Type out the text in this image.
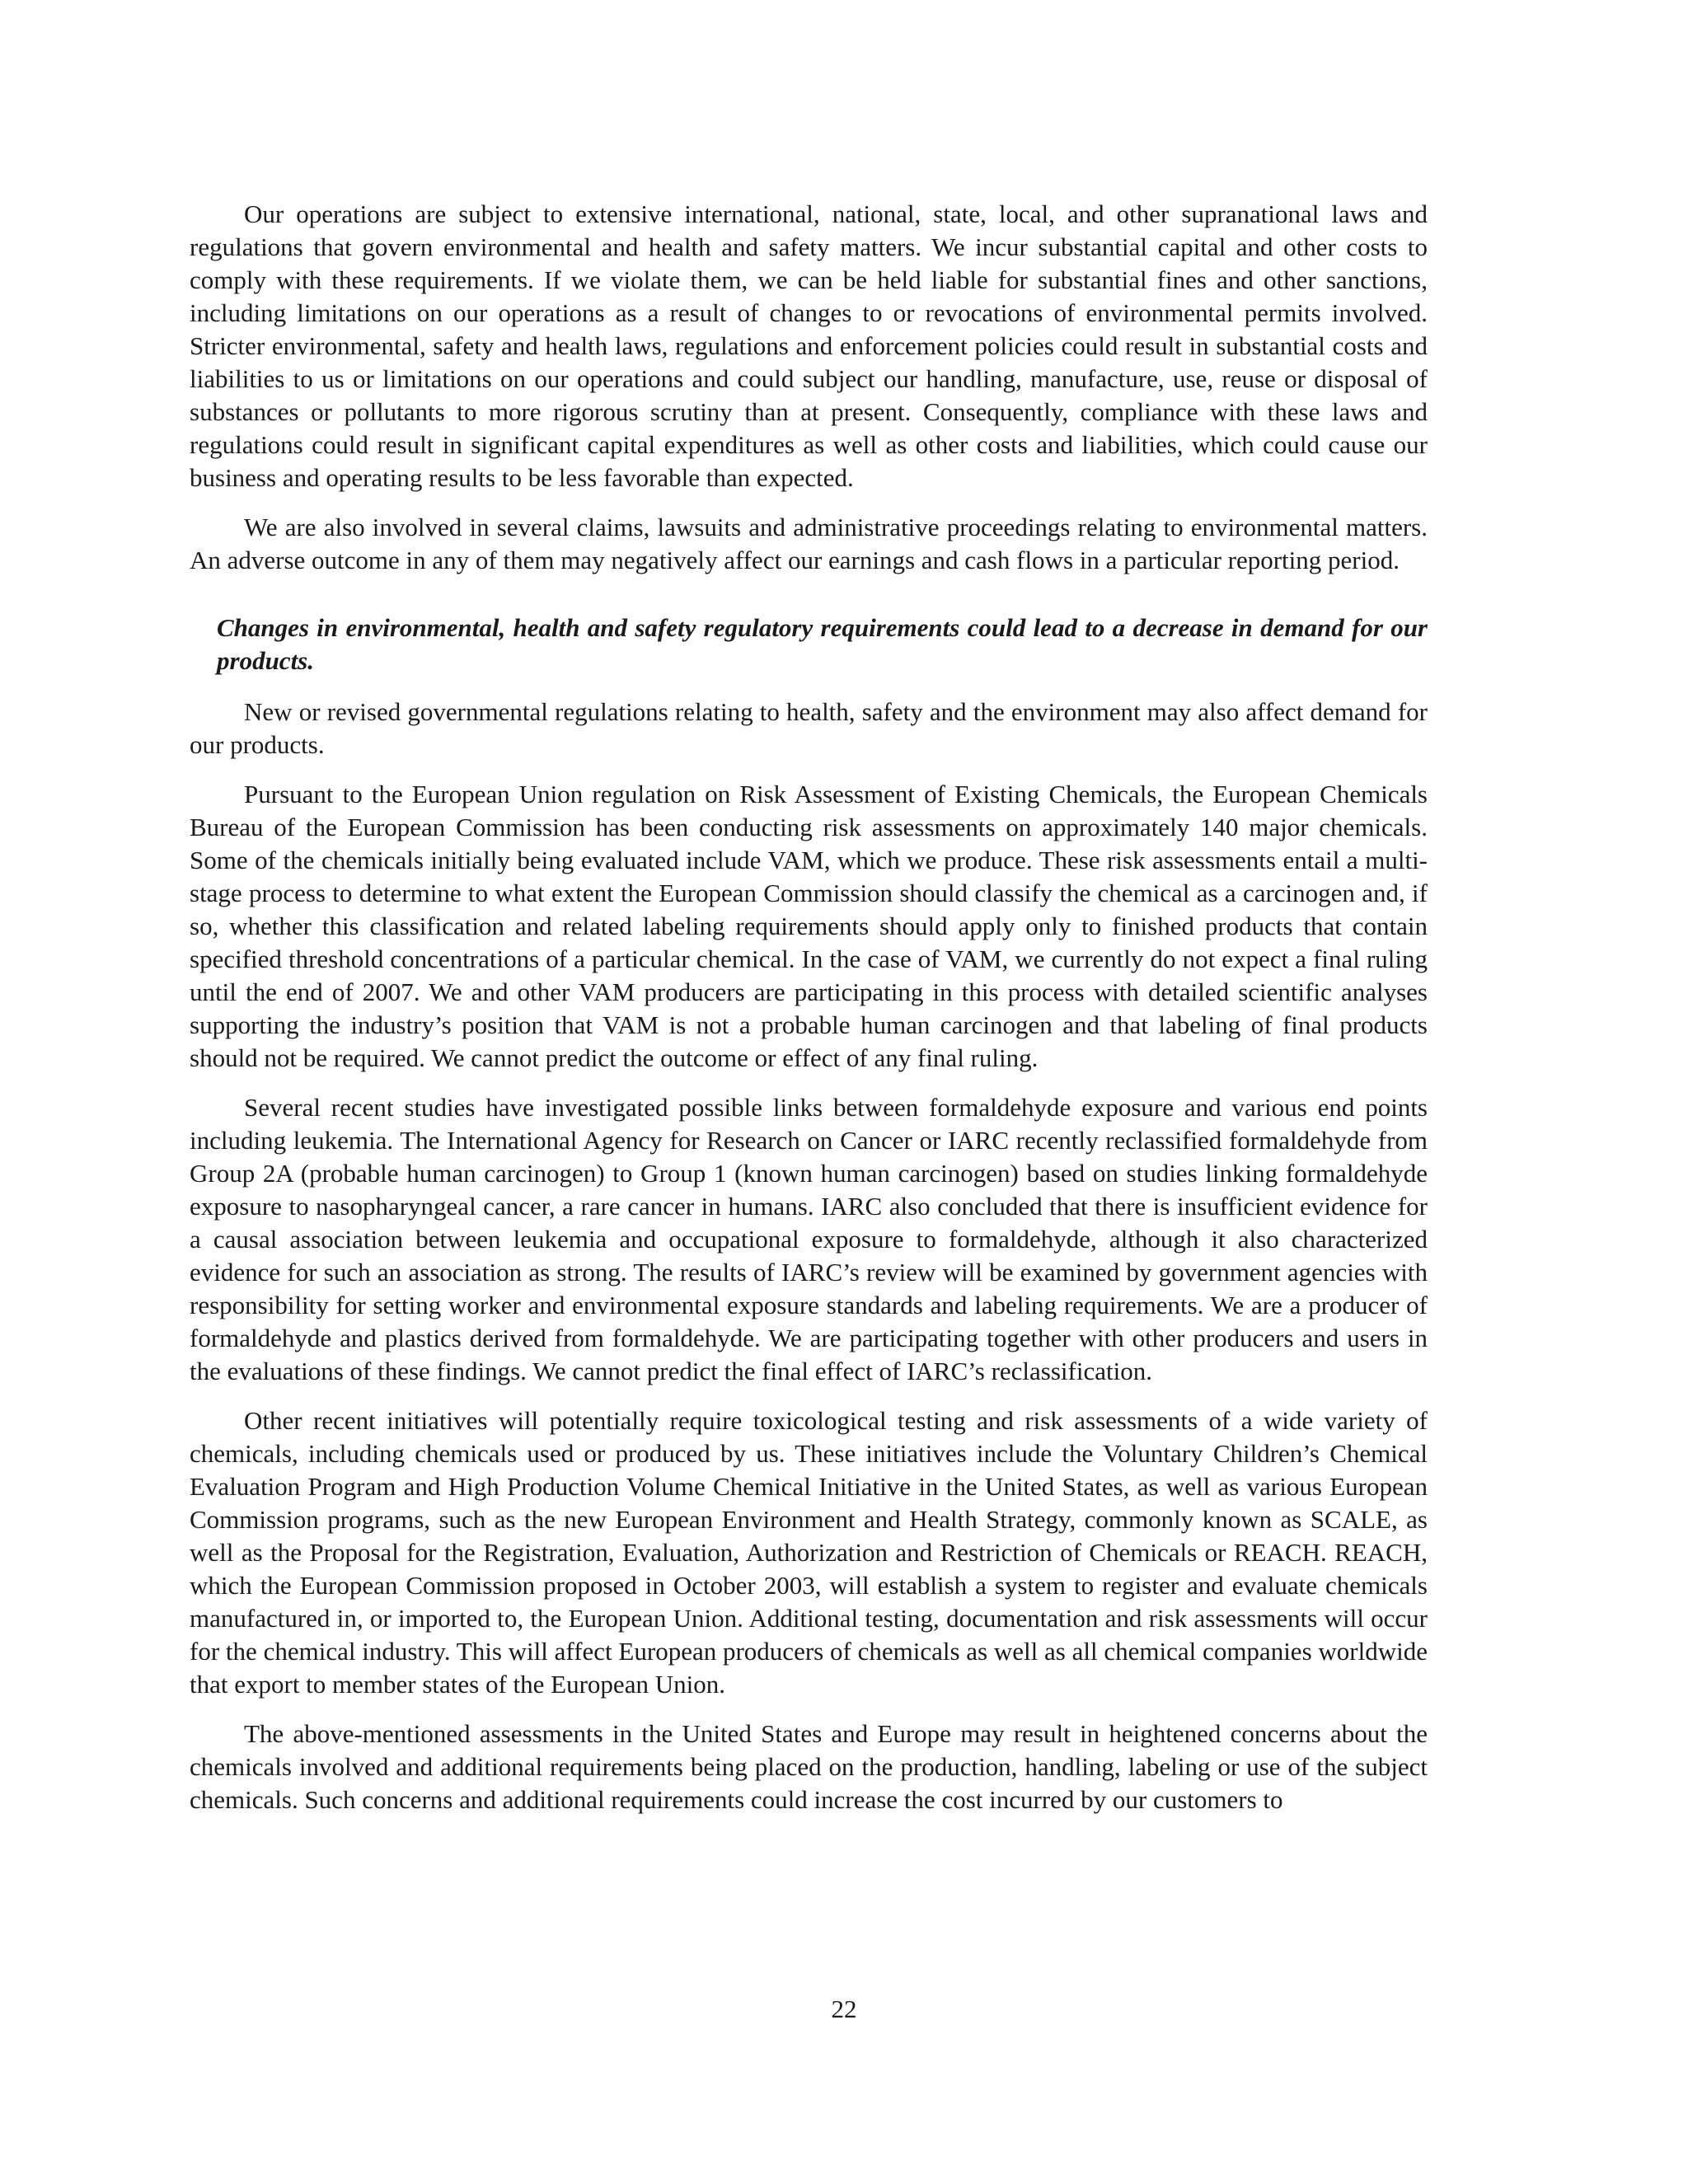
Our operations are subject to extensive international, national, state, local, and other supranational laws and regulations that govern environmental and health and safety matters. We incur substantial capital and other costs to comply with these requirements. If we violate them, we can be held liable for substantial fines and other sanctions, including limitations on our operations as a result of changes to or revocations of environmental permits involved. Stricter environmental, safety and health laws, regulations and enforcement policies could result in substantial costs and liabilities to us or limitations on our operations and could subject our handling, manufacture, use, reuse or disposal of substances or pollutants to more rigorous scrutiny than at present. Consequently, compliance with these laws and regulations could result in significant capital expenditures as well as other costs and liabilities, which could cause our business and operating results to be less favorable than expected.

We are also involved in several claims, lawsuits and administrative proceedings relating to environmental matters. An adverse outcome in any of them may negatively affect our earnings and cash flows in a particular reporting period.

Changes in environmental, health and safety regulatory requirements could lead to a decrease in demand for our products.

New or revised governmental regulations relating to health, safety and the environment may also affect demand for our products.

Pursuant to the European Union regulation on Risk Assessment of Existing Chemicals, the European Chemicals Bureau of the European Commission has been conducting risk assessments on approximately 140 major chemicals. Some of the chemicals initially being evaluated include VAM, which we produce. These risk assessments entail a multi-stage process to determine to what extent the European Commission should classify the chemical as a carcinogen and, if so, whether this classification and related labeling requirements should apply only to finished products that contain specified threshold concentrations of a particular chemical. In the case of VAM, we currently do not expect a final ruling until the end of 2007. We and other VAM producers are participating in this process with detailed scientific analyses supporting the industry’s position that VAM is not a probable human carcinogen and that labeling of final products should not be required. We cannot predict the outcome or effect of any final ruling.

Several recent studies have investigated possible links between formaldehyde exposure and various end points including leukemia. The International Agency for Research on Cancer or IARC recently reclassified formaldehyde from Group 2A (probable human carcinogen) to Group 1 (known human carcinogen) based on studies linking formaldehyde exposure to nasopharyngeal cancer, a rare cancer in humans. IARC also concluded that there is insufficient evidence for a causal association between leukemia and occupational exposure to formaldehyde, although it also characterized evidence for such an association as strong. The results of IARC’s review will be examined by government agencies with responsibility for setting worker and environmental exposure standards and labeling requirements. We are a producer of formaldehyde and plastics derived from formaldehyde. We are participating together with other producers and users in the evaluations of these findings. We cannot predict the final effect of IARC’s reclassification.

Other recent initiatives will potentially require toxicological testing and risk assessments of a wide variety of chemicals, including chemicals used or produced by us. These initiatives include the Voluntary Children’s Chemical Evaluation Program and High Production Volume Chemical Initiative in the United States, as well as various European Commission programs, such as the new European Environment and Health Strategy, commonly known as SCALE, as well as the Proposal for the Registration, Evaluation, Authorization and Restriction of Chemicals or REACH. REACH, which the European Commission proposed in October 2003, will establish a system to register and evaluate chemicals manufactured in, or imported to, the European Union. Additional testing, documentation and risk assessments will occur for the chemical industry. This will affect European producers of chemicals as well as all chemical companies worldwide that export to member states of the European Union.

The above-mentioned assessments in the United States and Europe may result in heightened concerns about the chemicals involved and additional requirements being placed on the production, handling, labeling or use of the subject chemicals. Such concerns and additional requirements could increase the cost incurred by our customers to

22
